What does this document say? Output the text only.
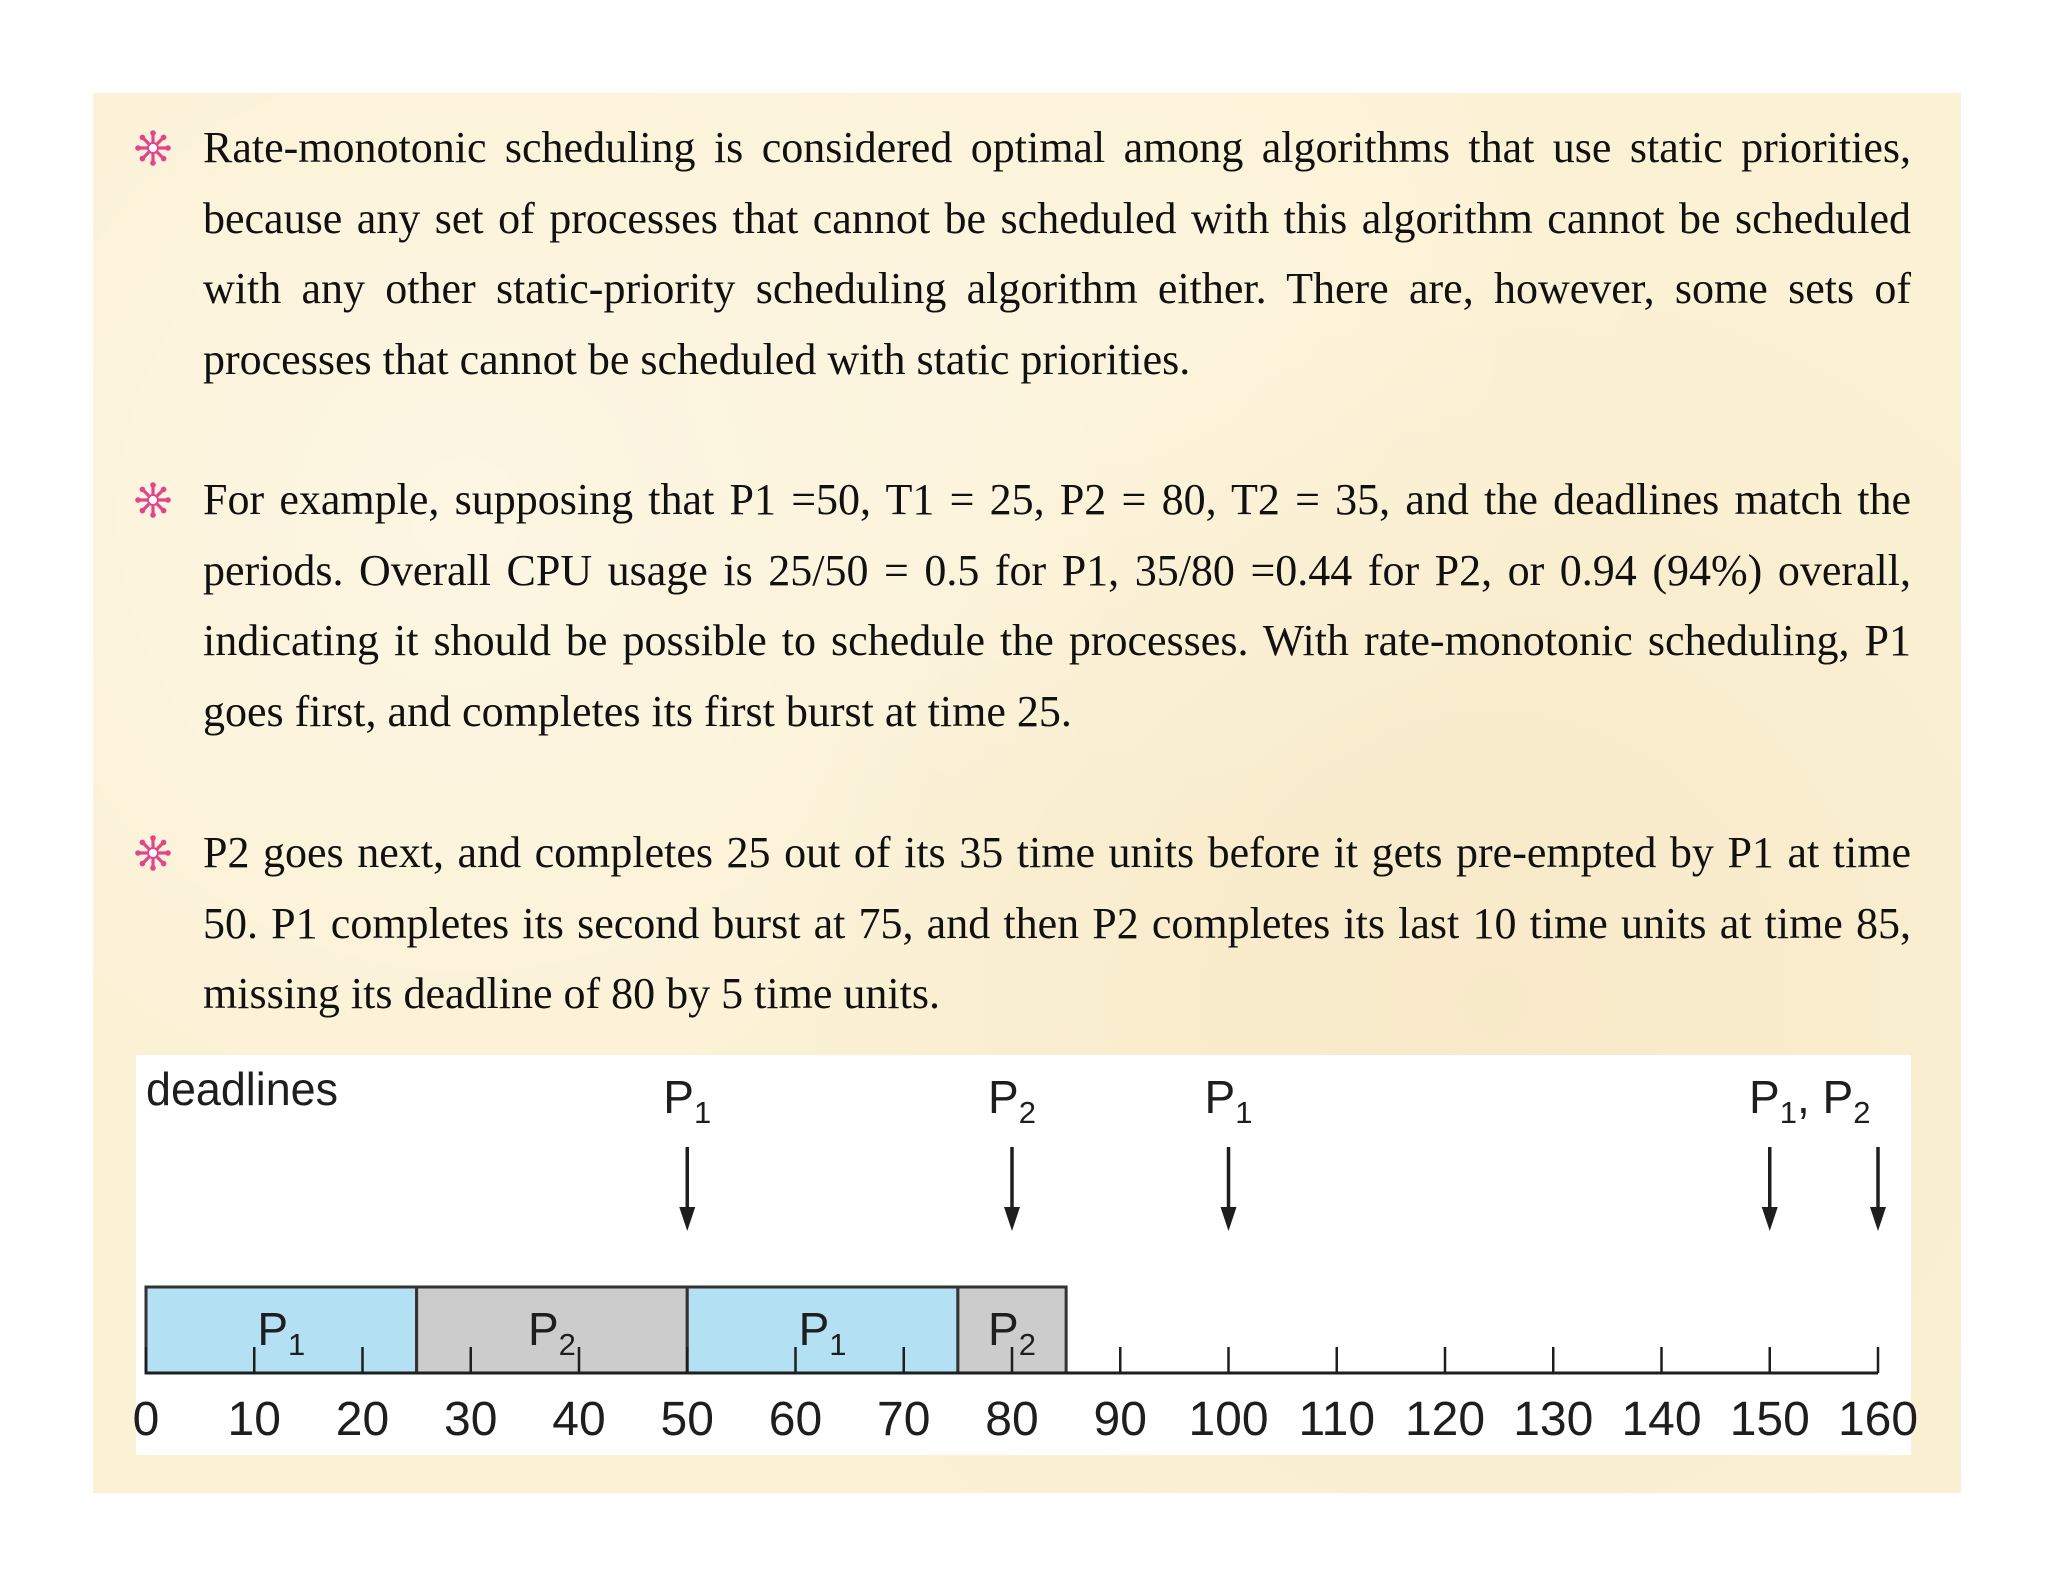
Rate-monotonic scheduling is considered optimal among algorithms that use static priorities, because any set of processes that cannot be scheduled with this algorithm cannot be scheduled with any other static-priority scheduling algorithm either. There are, however, some sets of processes that cannot be scheduled with static priorities.
For example, supposing that P1 =50, T1 = 25, P2 = 80, T2 = 35, and the deadlines match the periods. Overall CPU usage is 25/50 = 0.5 for P1, 35/80 =0.44 for P2, or 0.94 (94%) overall, indicating it should be possible to schedule the processes. With rate-monotonic scheduling, P1 goes first, and completes its first burst at time 25.
P2 goes next, and completes 25 out of its 35 time units before it gets pre-empted by P1 at time 50. P1 completes its second burst at 75, and then P2 completes its last 10 time units at time 85, missing its deadline of 80 by 5 time units.
deadlines
$P_1$	$P_2$	$P_1$	$P_2$
0 10 20 30 40 50 60 70 80 90 100 110 120 130 140 150 160
$P_1$	$P_2$	$P_1$	$P_1$, $P_2$
